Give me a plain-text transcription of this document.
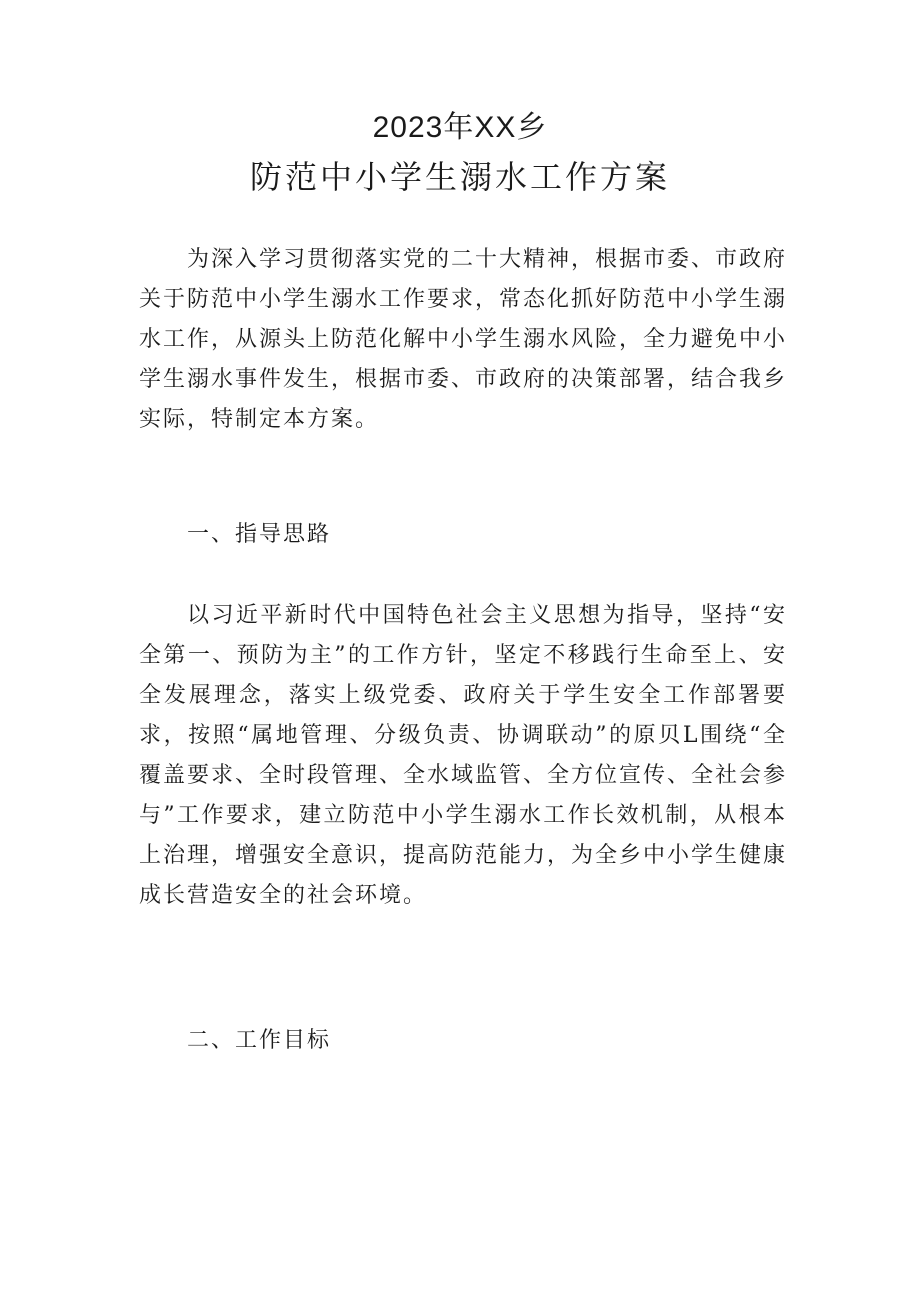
2023年XX乡
防范中小学生溺水工作方案

为深入学习贯彻落实党的二十大精神，根据市委、市政府关于防范中小学生溺水工作要求，常态化抓好防范中小学生溺水工作，从源头上防范化解中小学生溺水风险，全力避免中小学生溺水事件发生，根据市委、市政府的决策部署，结合我乡实际，特制定本方案。

一、指导思路

以习近平新时代中国特色社会主义思想为指导，坚持“安全第一、预防为主”的工作方针，坚定不移践行生命至上、安全发展理念，落实上级党委、政府关于学生安全工作部署要求，按照“属地管理、分级负责、协调联动”的原贝L围绕“全覆盖要求、全时段管理、全水域监管、全方位宣传、全社会参与”工作要求，建立防范中小学生溺水工作长效机制，从根本上治理，增强安全意识，提高防范能力，为全乡中小学生健康成长营造安全的社会环境。

二、工作目标
